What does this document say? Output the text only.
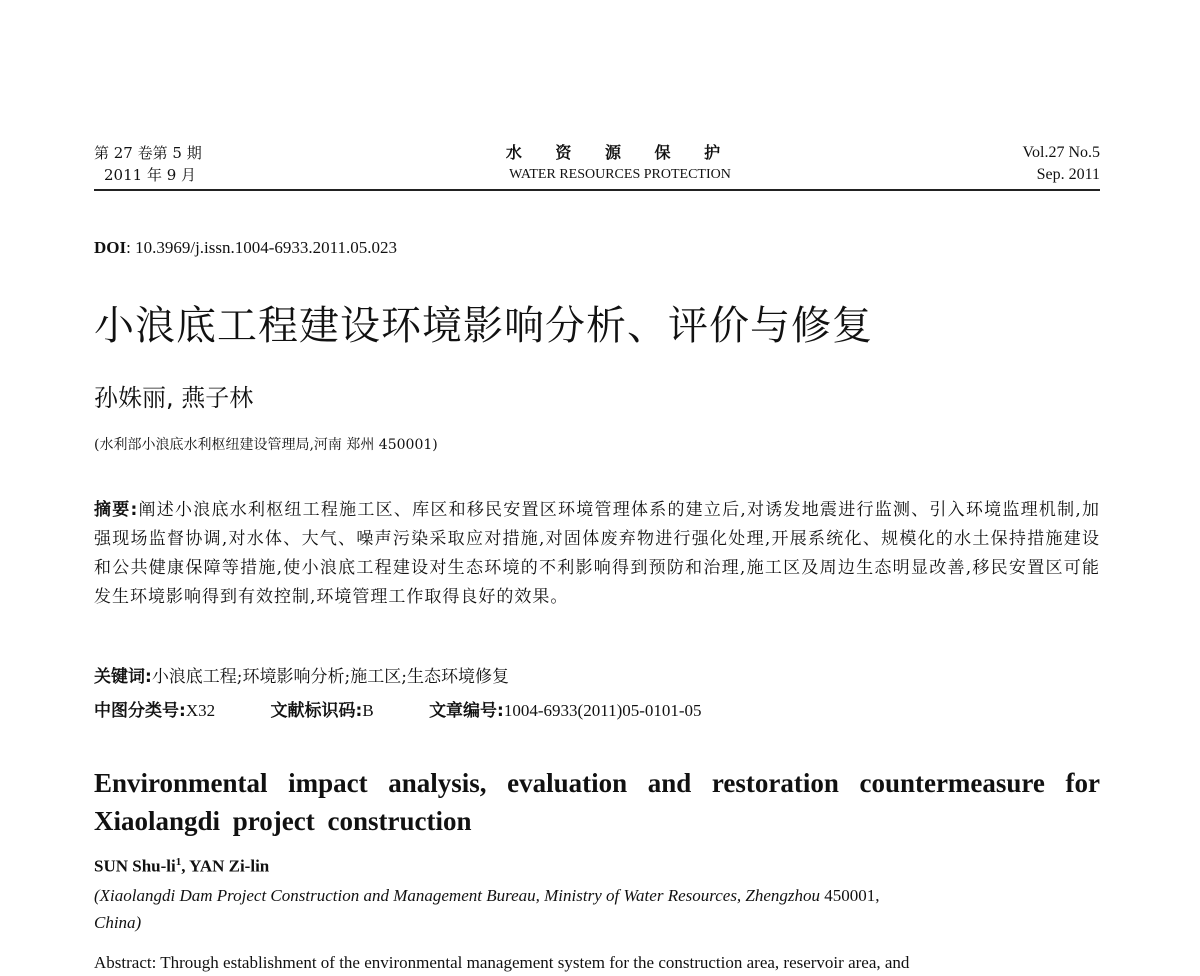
第 27 卷第 5 期
2011 年 9 月
水 资 源 保 护
WATER RESOURCES PROTECTION
Vol.27 No.5
Sep. 2011
DOI: 10.3969/j.issn.1004-6933.2011.05.023
小浪底工程建设环境影响分析、评价与修复
孙姝丽, 燕子林
(水利部小浪底水利枢纽建设管理局,河南 郑州 450001)
摘要:阐述小浪底水利枢纽工程施工区、库区和移民安置区环境管理体系的建立后,对诱发地震进行监测、引入环境监理机制,加强现场监督协调,对水体、大气、噪声污染采取应对措施,对固体废弃物进行强化处理,开展系统化、规模化的水土保持措施建设和公共健康保障等措施,使小浪底工程建设对生态环境的不利影响得到预防和治理,施工区及周边生态明显改善,移民安置区可能发生环境影响得到有效控制,环境管理工作取得良好的效果。
关键词:小浪底工程;环境影响分析;施工区;生态环境修复
中图分类号:X32	文献标识码:B	文章编号:1004-6933(2011)05-0101-05
Environmental impact analysis, evaluation and restoration countermeasure for Xiaolangdi project construction
SUN Shu-$li^1$, YAN Zi-lin
(Xiaolangdi Dam Project Construction and Management Bureau, Ministry of Water Resources, Zhengzhou 450001,
China)
Abstract: Through establishment of the environmental management system for the construction area, reservoir area, and
